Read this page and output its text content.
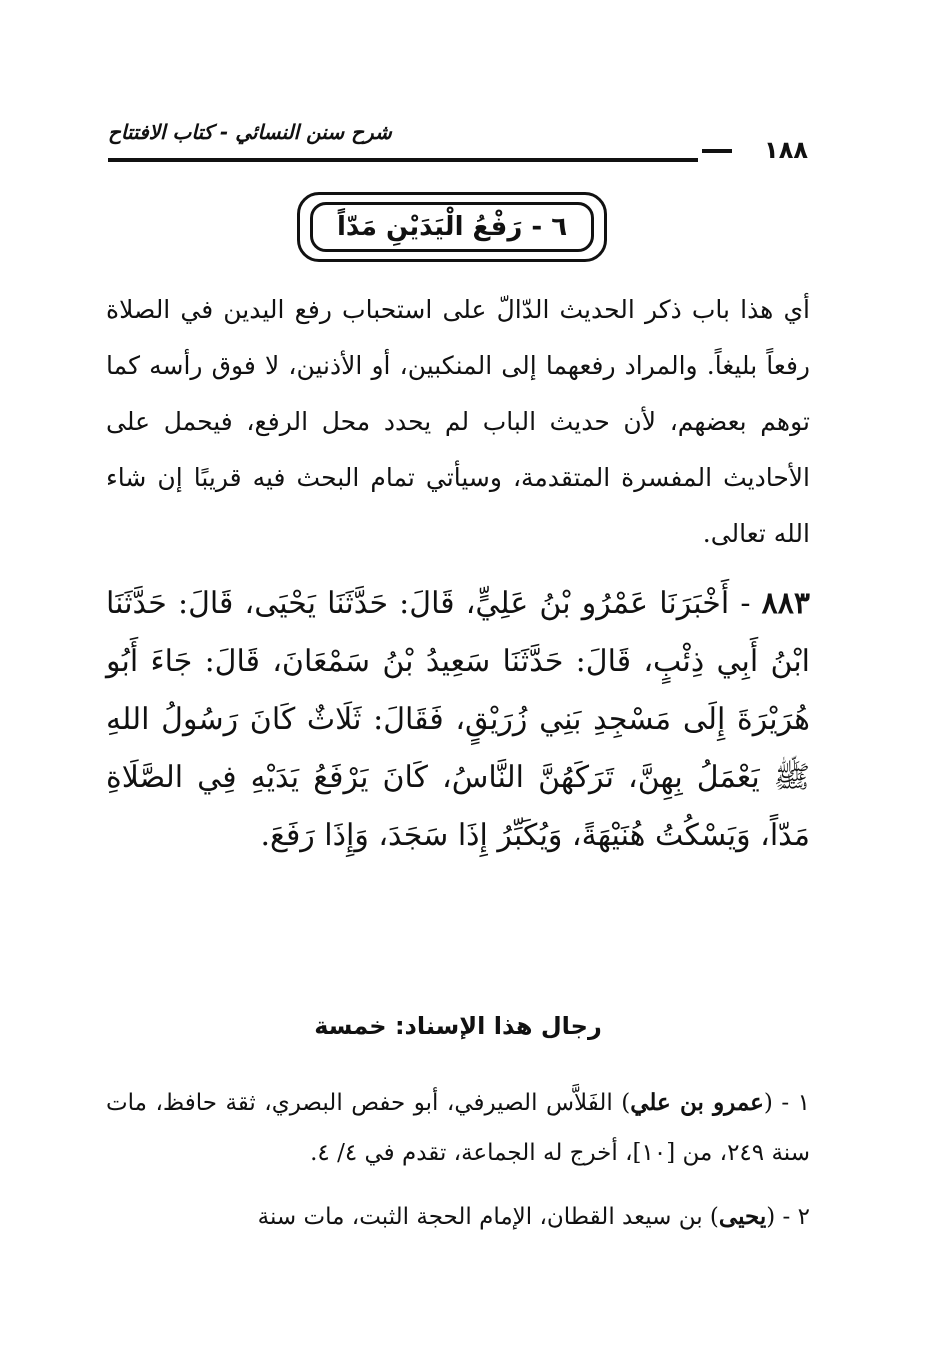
١٨٨
شرح سنن النسائي - كتاب الافتتاح
٦ - رَفْعُ الْيَدَيْنِ مَدّاً
أي هذا باب ذكر الحديث الدّالّ على استحباب رفع اليدين في الصلاة رفعاً بليغاً. والمراد رفعهما إلى المنكبين، أو الأذنين، لا فوق رأسه كما توهم بعضهم، لأن حديث الباب لم يحدد محل الرفع، فيحمل على الأحاديث المفسرة المتقدمة، وسيأتي تمام البحث فيه قريبًا إن شاء الله تعالى.
٨٨٣ - أَخْبَرَنَا عَمْرُو بْنُ عَلِيٍّ، قَالَ: حَدَّثَنَا يَحْيَى، قَالَ: حَدَّثَنَا ابْنُ أَبِي ذِئْبٍ، قَالَ: حَدَّثَنَا سَعِيدُ بْنُ سَمْعَانَ، قَالَ: جَاءَ أَبُو هُرَيْرَةَ إِلَى مَسْجِدِ بَنِي زُرَيْقٍ، فَقَالَ: ثَلَاثٌ كَانَ رَسُولُ اللهِ ﷺ يَعْمَلُ بِهِنَّ، تَرَكَهُنَّ النَّاسُ، كَانَ يَرْفَعُ يَدَيْهِ فِي الصَّلَاةِ مَدّاً، وَيَسْكُتُ هُنَيْهَةً، وَيُكَبِّرُ إِذَا سَجَدَ، وَإِذَا رَفَعَ.
رجال هذا الإسناد: خمسة

١ - (عمرو بن علي) الفَلاَّس الصيرفي، أبو حفص البصري، ثقة حافظ، مات سنة ٢٤٩، من [١٠]، أخرج له الجماعة، تقدم في ٤/ ٤.

٢ - (يحيى) بن سيعد القطان، الإمام الحجة الثبت، مات سنة
